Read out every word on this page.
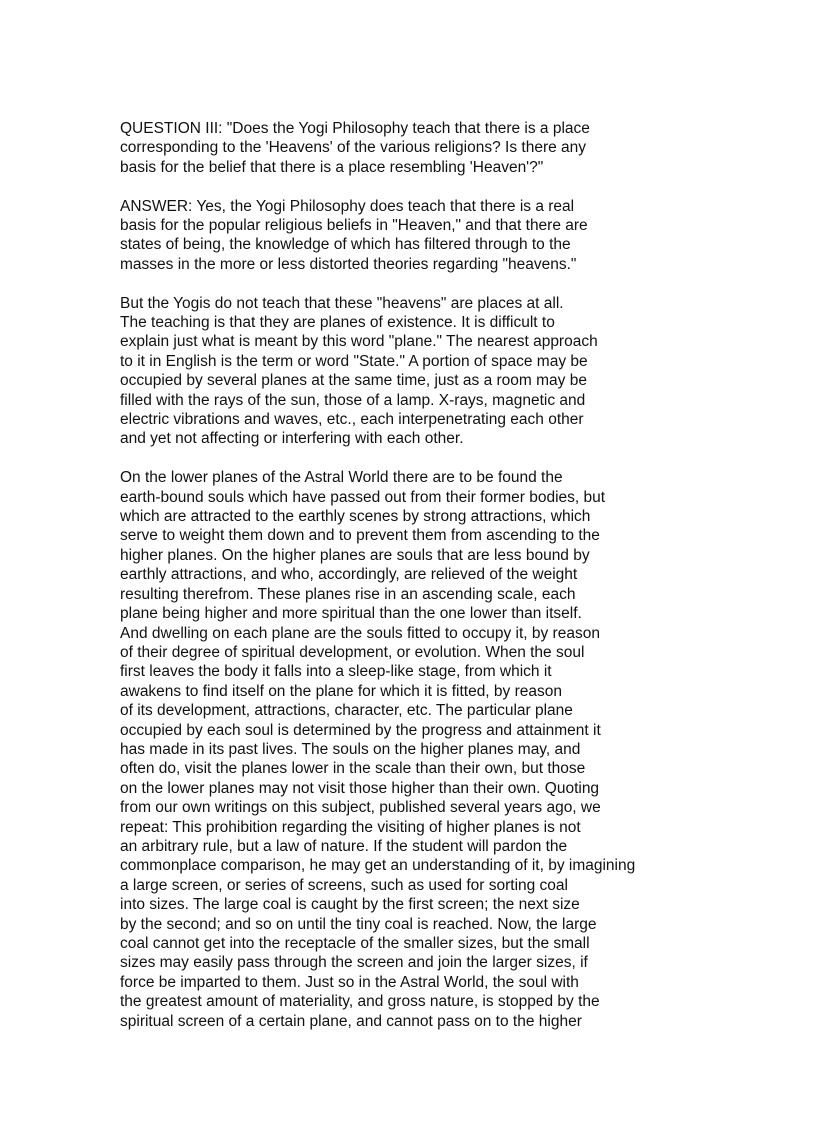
QUESTION III: "Does the Yogi Philosophy teach that there is a place
corresponding to the 'Heavens' of the various religions? Is there any
basis for the belief that there is a place resembling 'Heaven'?"
ANSWER: Yes, the Yogi Philosophy does teach that there is a real
basis for the popular religious beliefs in "Heaven," and that there are
states of being, the knowledge of which has filtered through to the
masses in the more or less distorted theories regarding "heavens."
But the Yogis do not teach that these "heavens" are places at all.
The teaching is that they are planes of existence. It is difficult to
explain just what is meant by this word "plane." The nearest approach
to it in English is the term or word "State." A portion of space may be
occupied by several planes at the same time, just as a room may be
filled with the rays of the sun, those of a lamp. X-rays, magnetic and
electric vibrations and waves, etc., each interpenetrating each other
and yet not affecting or interfering with each other.
On the lower planes of the Astral World there are to be found the
earth-bound souls which have passed out from their former bodies, but
which are attracted to the earthly scenes by strong attractions, which
serve to weight them down and to prevent them from ascending to the
higher planes. On the higher planes are souls that are less bound by
earthly attractions, and who, accordingly, are relieved of the weight
resulting therefrom. These planes rise in an ascending scale, each
plane being higher and more spiritual than the one lower than itself.
And dwelling on each plane are the souls fitted to occupy it, by reason
of their degree of spiritual development, or evolution. When the soul
first leaves the body it falls into a sleep-like stage, from which it
awakens to find itself on the plane for which it is fitted, by reason
of its development, attractions, character, etc. The particular plane
occupied by each soul is determined by the progress and attainment it
has made in its past lives. The souls on the higher planes may, and
often do, visit the planes lower in the scale than their own, but those
on the lower planes may not visit those higher than their own. Quoting
from our own writings on this subject, published several years ago, we
repeat: This prohibition regarding the visiting of higher planes is not
an arbitrary rule, but a law of nature. If the student will pardon the
commonplace comparison, he may get an understanding of it, by imagining
a large screen, or series of screens, such as used for sorting coal
into sizes. The large coal is caught by the first screen; the next size
by the second; and so on until the tiny coal is reached. Now, the large
coal cannot get into the receptacle of the smaller sizes, but the small
sizes may easily pass through the screen and join the larger sizes, if
force be imparted to them. Just so in the Astral World, the soul with
the greatest amount of materiality, and gross nature, is stopped by the
spiritual screen of a certain plane, and cannot pass on to the higher
